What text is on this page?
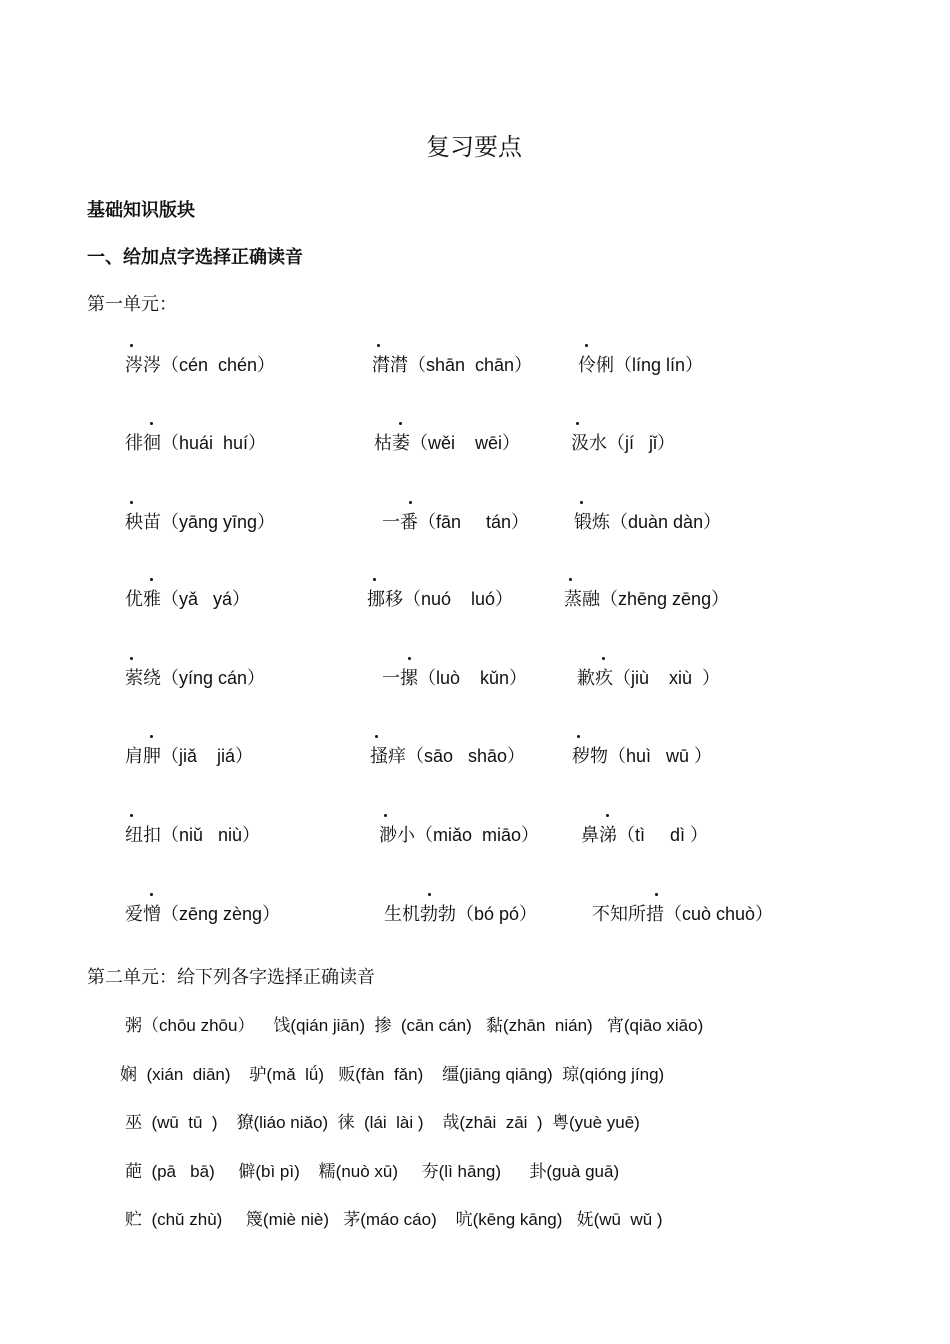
复习要点
基础知识版块
一、给加点字选择正确读音
第一单元：
涔涔（cén  chén）	潸潸（shān  chān）	伶俐（líng lín）
徘徊（huái  huí）	枯萎（wěi    wēi）	汲水（jí   jǐ）
秧苗（yāng yīng）	一番（fān     tán） 锻炼（duàn dàn）
优雅（yǎ   yá）	挪移（nuó    luó）	蒸融（zhēng zēng）
萦绕（yíng cán）	一摞（luò    kǔn）	歉疚（jiù    xiù  ）
肩胛（jiǎ    jiá）	搔痒（sāo   shāo）	秽物（huì   wū ）
纽扣（niǔ   niù）	渺小（miǎo  miāo） 鼻涕（tì     dì ）
爱憎（zēng zèng）	生机勃勃（bó pó）	不知所措（cuò chuò）
第二单元：给下列各字选择正确读音
粥（chōu zhōu）    饯(qián jiān)  掺  (cān cán)   黏(zhān  nián)   宵(qiāo xiāo)
娴  (xián  diān)    驴(mǎ  lǘ)   贩(fàn  fǎn)    缰(jiāng qiāng)  琼(qióng jíng)
巫  (wū  tū  )    獠(liáo niǎo)  徕  (lái  lài )    哉(zhāi  zāi  )  粤(yuè yuē)
葩  (pā   bā)     僻(bì pì)    糯(nuò xū)     夯(lì hāng)      卦(guà guā)
贮  (chǔ zhù)     篾(miè niè)   茅(máo cáo)    吭(kēng kāng)   妩(wū  wǔ )
